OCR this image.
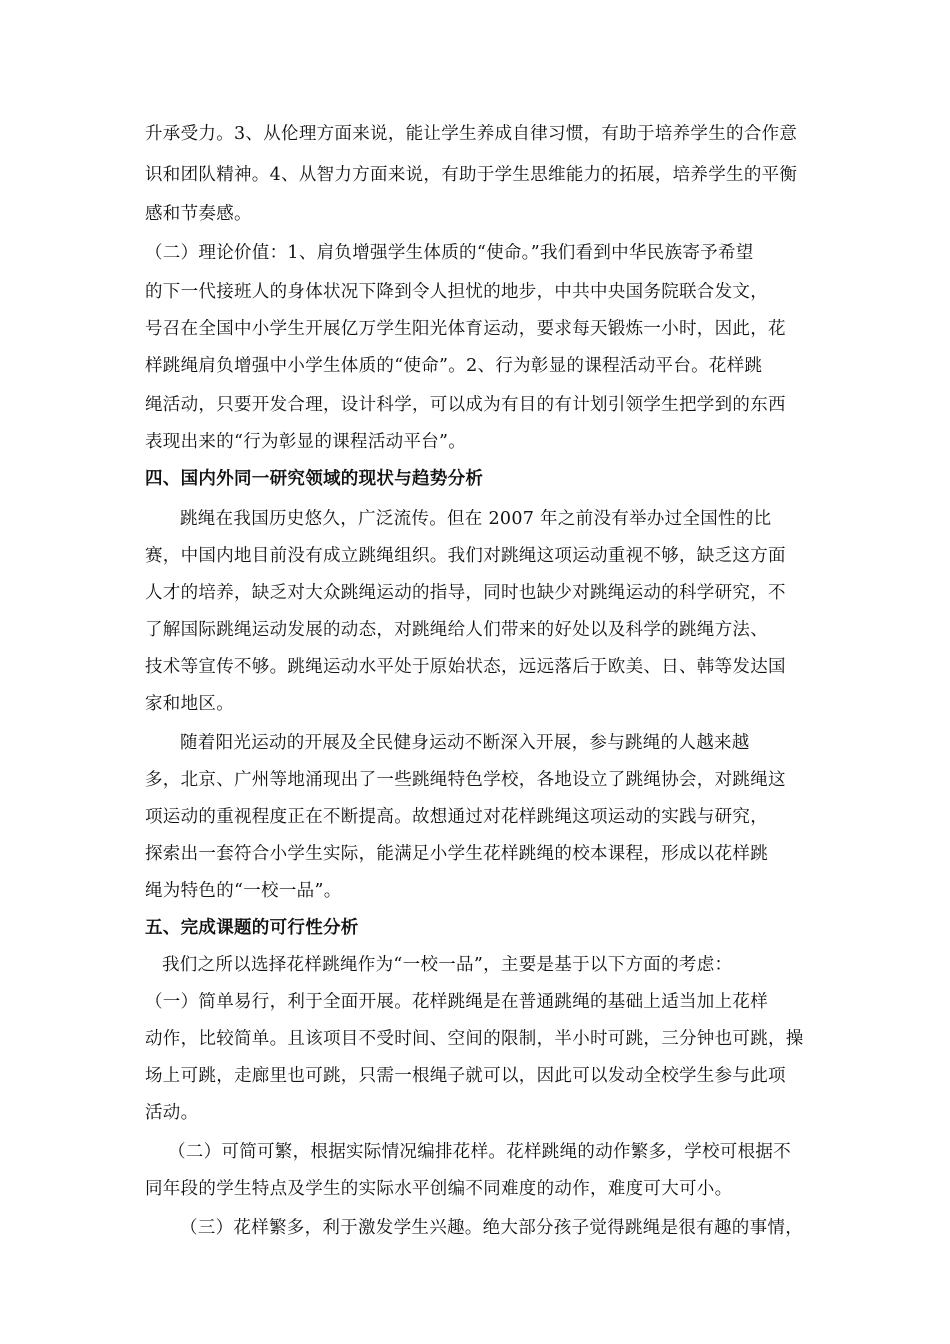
升承受力。3、从伦理方面来说，能让学生养成自律习惯，有助于培养学生的合作意
识和团队精神。4、从智力方面来说，有助于学生思维能力的拓展，培养学生的平衡
感和节奏感。
（二）理论价值：1、肩负增强学生体质的“使命。”我们看到中华民族寄予希望
的下一代接班人的身体状况下降到令人担忧的地步，中共中央国务院联合发文，
号召在全国中小学生开展亿万学生阳光体育运动，要求每天锻炼一小时，因此，花
样跳绳肩负增强中小学生体质的“使命”。2、行为彰显的课程活动平台。花样跳
绳活动，只要开发合理，设计科学，可以成为有目的有计划引领学生把学到的东西
表现出来的“行为彰显的课程活动平台”。
四、国内外同一研究领域的现状与趋势分析
跳绳在我国历史悠久，广泛流传。但在 2007 年之前没有举办过全国性的比
赛，中国内地目前没有成立跳绳组织。我们对跳绳这项运动重视不够，缺乏这方面
人才的培养，缺乏对大众跳绳运动的指导，同时也缺少对跳绳运动的科学研究，不
了解国际跳绳运动发展的动态，对跳绳给人们带来的好处以及科学的跳绳方法、
技术等宣传不够。跳绳运动水平处于原始状态，远远落后于欧美、日、韩等发达国
家和地区。
随着阳光运动的开展及全民健身运动不断深入开展，参与跳绳的人越来越
多，北京、广州等地涌现出了一些跳绳特色学校，各地设立了跳绳协会，对跳绳这
项运动的重视程度正在不断提高。故想通过对花样跳绳这项运动的实践与研究，
探索出一套符合小学生实际，能满足小学生花样跳绳的校本课程，形成以花样跳
绳为特色的“一校一品”。
五、完成课题的可行性分析
我们之所以选择花样跳绳作为“一校一品”，主要是基于以下方面的考虑：
（一）简单易行，利于全面开展。花样跳绳是在普通跳绳的基础上适当加上花样
动作，比较简单。且该项目不受时间、空间的限制，半小时可跳，三分钟也可跳，操
场上可跳，走廊里也可跳，只需一根绳子就可以，因此可以发动全校学生参与此项
活动。
（二）可简可繁，根据实际情况编排花样。花样跳绳的动作繁多，学校可根据不
同年段的学生特点及学生的实际水平创编不同难度的动作，难度可大可小。
（三）花样繁多，利于激发学生兴趣。绝大部分孩子觉得跳绳是很有趣的事情，
